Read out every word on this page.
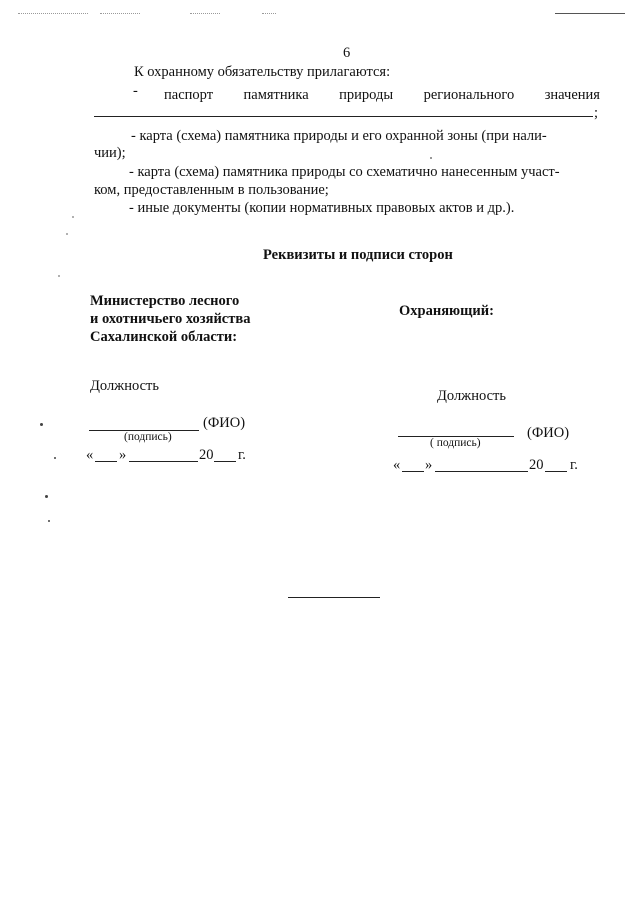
6
К охранному обязательству прилагаются:
- паспорт памятника природы регионального значения
;
- карта (схема) памятника природы и его охранной зоны (при нали-
чии);
- карта (схема) памятника природы со схематично нанесенным участ-
ком, предоставленным в пользование;
- иные документы (копии нормативных правовых актов и др.).
Реквизиты и подписи сторон
Министерство лесного
и охотничьего хозяйства
Сахалинской области:
Должность
(ФИО)
(подпись)
« »	20 г.
Охраняющий:
Должность
(ФИО)
( подпись)
« »	20 г.
